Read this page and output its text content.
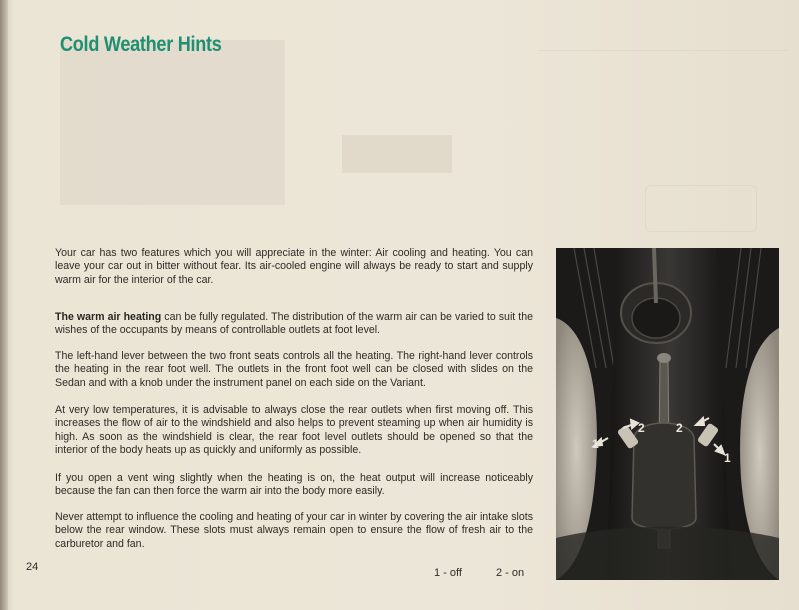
Cold Weather Hints

Your car has two features which you will appreciate in the winter: Air cooling and heating. You can leave your car out in bitter without fear. Its air-cooled engine will always be ready to start and supply warm air for the interior of the car.

The warm air heating can be fully regulated. The distribution of the warm air can be varied to suit the wishes of the occupants by means of controllable outlets at foot level.

The left-hand lever between the two front seats controls all the heating. The right-hand lever controls the heating in the rear foot well. The outlets in the front foot well can be closed with slides on the Sedan and with a knob under the instrument panel on each side on the Variant.

At very low temperatures, it is advisable to always close the rear outlets when first moving off. This increases the flow of air to the windshield and also helps to prevent steaming up when air humidity is high. As soon as the windshield is clear, the rear foot level outlets should be opened so that the interior of the body heats up as quickly and uniformly as possible.

If you open a vent wing slightly when the heating is on, the heat output will increase noticeably because the fan can then force the warm air into the body more easily.

Never attempt to influence the cooling and heating of your car in winter by covering the air intake slots below the rear window. These slots must always remain open to ensure the flow of fresh air to the carburetor and fan.

24	1 - off	2 - on
1
2	2
1
